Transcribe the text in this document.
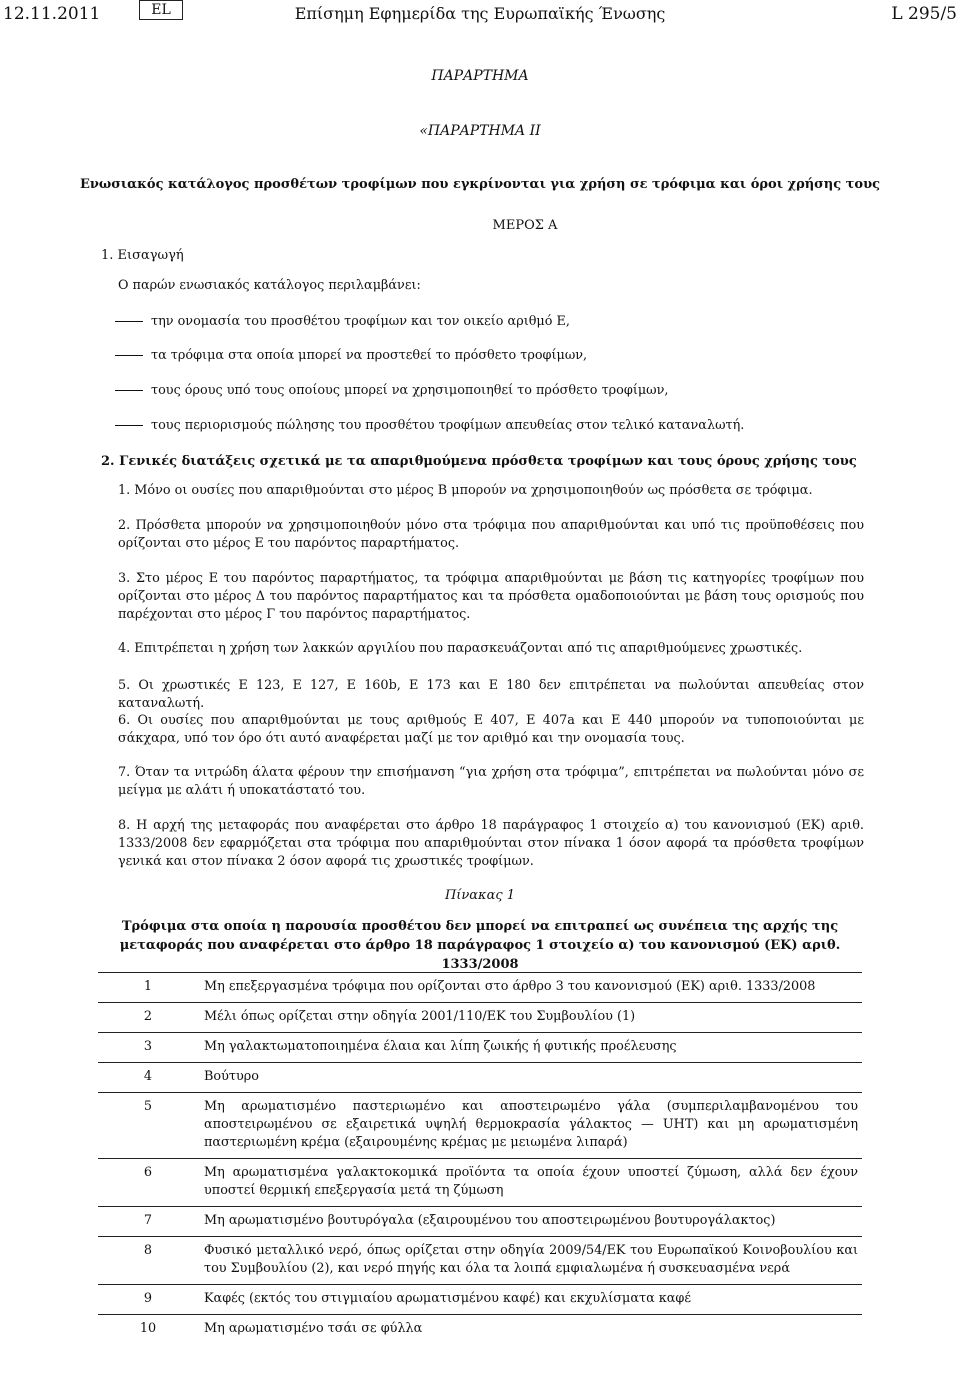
12.11.2011	EL	Επίσημη Εφημερίδα της Ευρωπαϊκής Ένωσης	L 295/5
ΠΑΡΑΡΤΗΜΑ
«ΠΑΡΑΡΤΗΜΑ II
Ενωσιακός κατάλογος προσθέτων τροφίμων που εγκρίνονται για χρήση σε τρόφιμα και όροι χρήσης τους
ΜΕΡΟΣ Α
1. Εισαγωγή
Ο παρών ενωσιακός κατάλογος περιλαμβάνει:
την ονομασία του προσθέτου τροφίμων και τον οικείο αριθμό Ε,
τα τρόφιμα στα οποία μπορεί να προστεθεί το πρόσθετο τροφίμων,
τους όρους υπό τους οποίους μπορεί να χρησιμοποιηθεί το πρόσθετο τροφίμων,
τους περιορισμούς πώλησης του προσθέτου τροφίμων απευθείας στον τελικό καταναλωτή.
2. Γενικές διατάξεις σχετικά με τα απαριθμούμενα πρόσθετα τροφίμων και τους όρους χρήσης τους
1. Μόνο οι ουσίες που απαριθμούνται στο μέρος Β μπορούν να χρησιμοποιηθούν ως πρόσθετα σε τρόφιμα.
2. Πρόσθετα μπορούν να χρησιμοποιηθούν μόνο στα τρόφιμα που απαριθμούνται και υπό τις προϋποθέσεις που ορίζονται στο μέρος Ε του παρόντος παραρτήματος.
3. Στο μέρος Ε του παρόντος παραρτήματος, τα τρόφιμα απαριθμούνται με βάση τις κατηγορίες τροφίμων που ορίζονται στο μέρος Δ του παρόντος παραρτήματος και τα πρόσθετα ομαδοποιούνται με βάση τους ορισμούς που παρέχονται στο μέρος Γ του παρόντος παραρτήματος.
4. Επιτρέπεται η χρήση των λακκών αργιλίου που παρασκευάζονται από τις απαριθμούμενες χρωστικές.
5. Οι χρωστικές Ε 123, Ε 127, Ε 160b, Ε 173 και Ε 180 δεν επιτρέπεται να πωλούνται απευθείας στον καταναλωτή.
6. Οι ουσίες που απαριθμούνται με τους αριθμούς Ε 407, Ε 407a και Ε 440 μπορούν να τυποποιούνται με σάκχαρα, υπό τον όρο ότι αυτό αναφέρεται μαζί με τον αριθμό και την ονομασία τους.
7. Όταν τα νιτρώδη άλατα φέρουν την επισήμανση “για χρήση στα τρόφιμα”, επιτρέπεται να πωλούνται μόνο σε μείγμα με αλάτι ή υποκατάστατό του.
8. Η αρχή της μεταφοράς που αναφέρεται στο άρθρο 18 παράγραφος 1 στοιχείο α) του κανονισμού (ΕΚ) αριθ. 1333/2008 δεν εφαρμόζεται στα τρόφιμα που απαριθμούνται στον πίνακα 1 όσον αφορά τα πρόσθετα τροφίμων γενικά και στον πίνακα 2 όσον αφορά τις χρωστικές τροφίμων.
Πίνακας 1
Τρόφιμα στα οποία η παρουσία προσθέτου δεν μπορεί να επιτραπεί ως συνέπεια της αρχής της μεταφοράς που αναφέρεται στο άρθρο 18 παράγραφος 1 στοιχείο α) του κανονισμού (ΕΚ) αριθ. 1333/2008
1	Μη επεξεργασμένα τρόφιμα που ορίζονται στο άρθρο 3 του κανονισμού (ΕΚ) αριθ. 1333/2008
2	Μέλι όπως ορίζεται στην οδηγία 2001/110/ΕΚ του Συμβουλίου (1)
3	Μη γαλακτωματοποιημένα έλαια και λίπη ζωικής ή φυτικής προέλευσης
4	Βούτυρο
5	Μη αρωματισμένο παστεριωμένο και αποστειρωμένο γάλα (συμπεριλαμβανομένου του αποστειρωμένου σε εξαιρετικά υψηλή θερμοκρασία γάλακτος — UHT) και μη αρωματισμένη παστεριωμένη κρέμα (εξαιρουμένης κρέμας με μειωμένα λιπαρά)
6	Μη αρωματισμένα γαλακτοκομικά προϊόντα τα οποία έχουν υποστεί ζύμωση, αλλά δεν έχουν υποστεί θερμική επεξεργασία μετά τη ζύμωση
7	Μη αρωματισμένο βουτυρόγαλα (εξαιρουμένου του αποστειρωμένου βουτυρογάλακτος)
8	Φυσικό μεταλλικό νερό, όπως ορίζεται στην οδηγία 2009/54/ΕΚ του Ευρωπαϊκού Κοινοβουλίου και του Συμβουλίου (2), και νερό πηγής και όλα τα λοιπά εμφιαλωμένα ή συσκευασμένα νερά
9	Καφές (εκτός του στιγμιαίου αρωματισμένου καφέ) και εκχυλίσματα καφέ
10	Μη αρωματισμένο τσάι σε φύλλα
